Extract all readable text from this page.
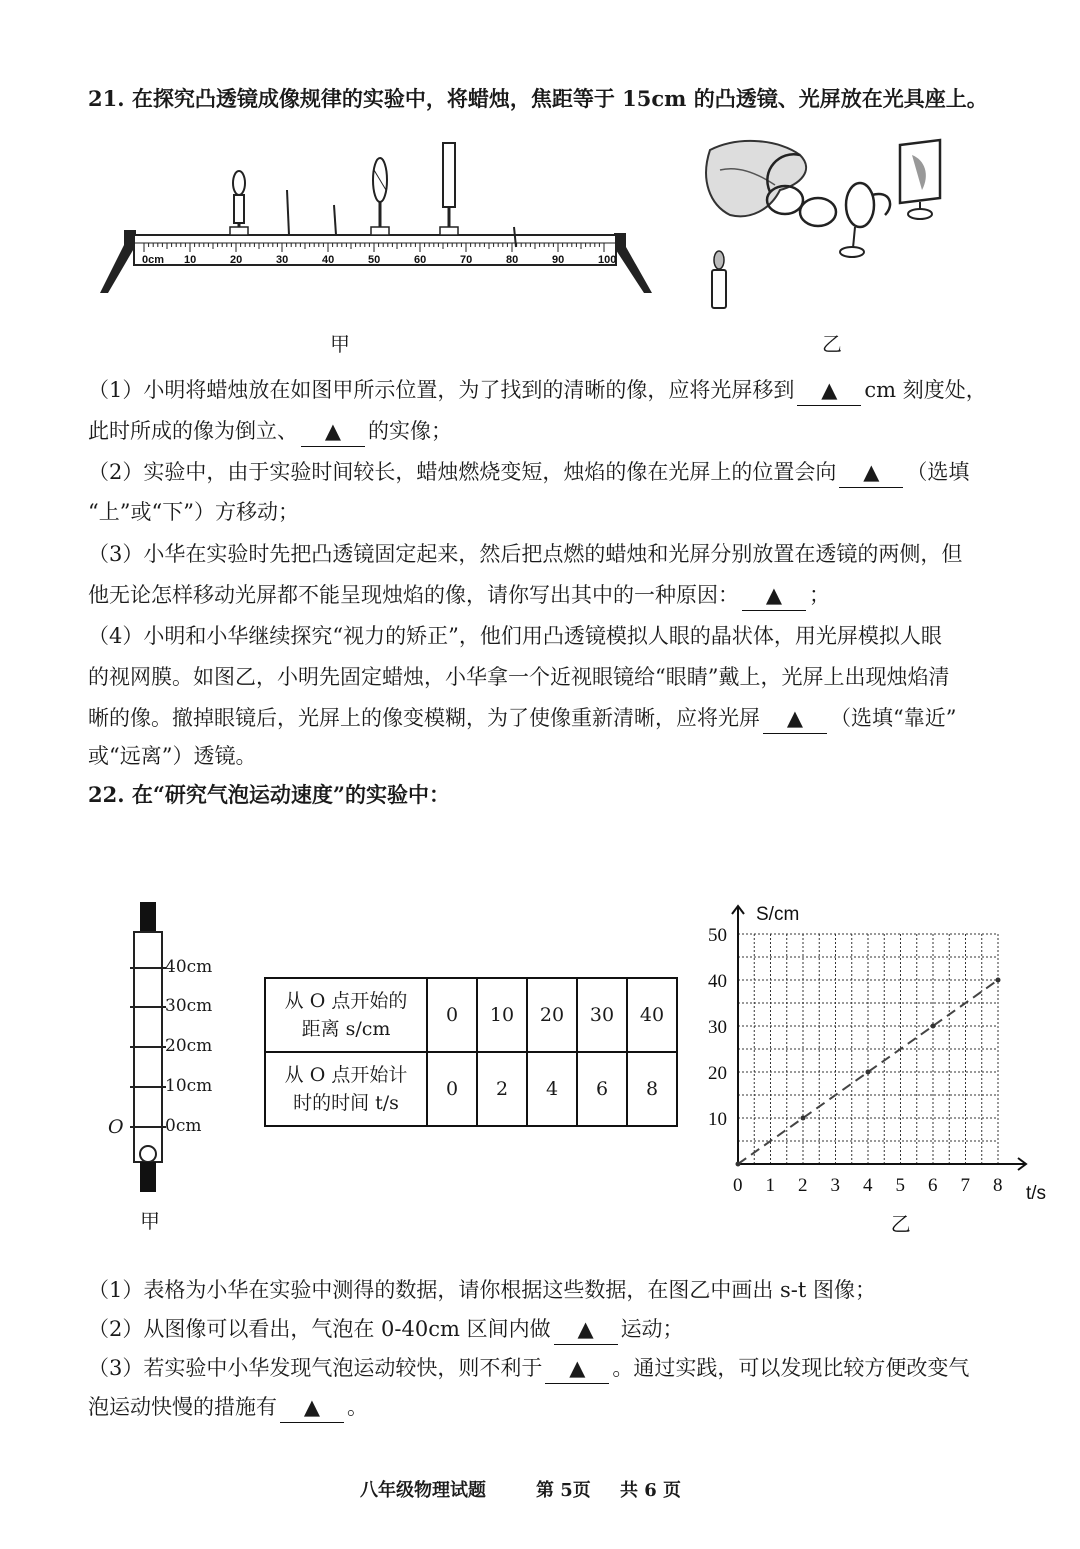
21. 在探究凸透镜成像规律的实验中，将蜡烛，焦距等于 15cm 的凸透镜、光屏放在光具座上。
0cm 10	20	30	40	50	60	70	80	90	100
甲	乙
（1）小明将蜡烛放在如图甲所示位置，为了找到的清晰的像，应将光屏移到 ▲ cm 刻度处，
此时所成的像为倒立、 ▲ 的实像；
（2）实验中，由于实验时间较长，蜡烛燃烧变短，烛焰的像在光屏上的位置会向 ▲ （选填
“上”或“下”）方移动；
（3）小华在实验时先把凸透镜固定起来，然后把点燃的蜡烛和光屏分别放置在透镜的两侧，但
他无论怎样移动光屏都不能呈现烛焰的像，请你写出其中的一种原因： ▲ ；
（4）小明和小华继续探究“视力的矫正”，他们用凸透镜模拟人眼的晶状体，用光屏模拟人眼
的视网膜。如图乙，小明先固定蜡烛，小华拿一个近视眼镜给“眼睛”戴上，光屏上出现烛焰清
晰的像。撤掉眼镜后，光屏上的像变模糊，为了使像重新清晰，应将光屏 ▲ （选填“靠近”
或“远离”）透镜。
22. 在“研究气泡运动速度”的实验中：
40cm
30cm
20cm
10cm
0cm
O
甲
从 O 点开始的
距离 s/cm	0	10	20	30	40

从 O 点开始计
时的时间 t/s	0	2	4	6	8
0 1 2 3 4 5 6 7 8
10
20
30
40
50
S/cm
t/s
乙
（1）表格为小华在实验中测得的数据，请你根据这些数据，在图乙中画出 s-t 图像；
（2）从图像可以看出，气泡在 0-40cm 区间内做 ▲ 运动；
（3）若实验中小华发现气泡运动较快，则不利于 ▲ 。通过实践，可以发现比较方便改变气
泡运动快慢的措施有 ▲ 。
八年级物理试题	第 5页 共 6 页
